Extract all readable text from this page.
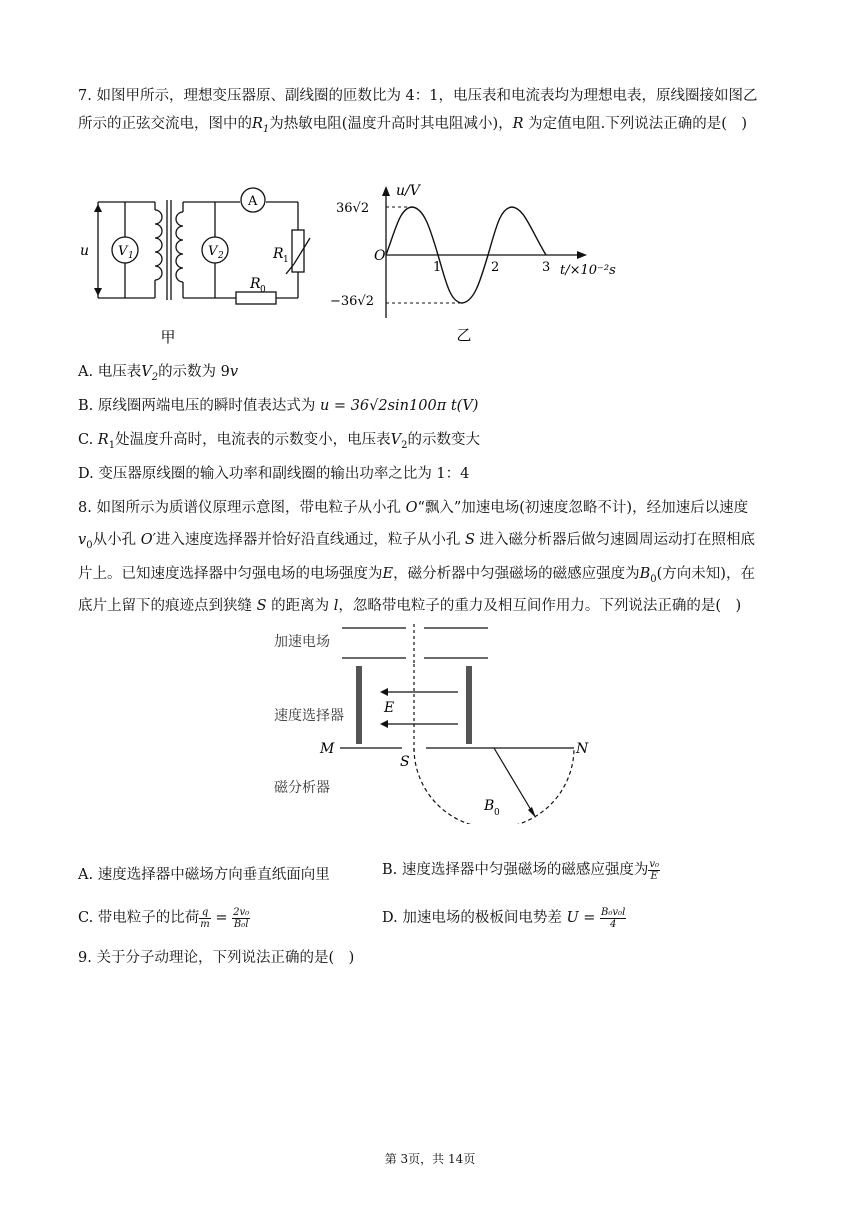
7. 如图甲所示，理想变压器原、副线圈的匝数比为 4：1，电压表和电流表均为理想电表，原线圈接如图乙
所示的正弦交流电，图中的$R_1$为热敏电阻(温度升高时其电阻减小)，R 为定值电阻.下列说法正确的是(　)
u V 1	V 2
A
R 1
R 0
甲
u/V
36√2
−36√2
O
1	2	3 t/×10⁻²s
乙
A. 电压表$V_2$的示数为 9v
B. 原线圈两端电压的瞬时值表达式为 u = 36√2sin100π t(V)
C. $R_1$处温度升高时，电流表的示数变小，电压表$V_2$的示数变大
D. 变压器原线圈的输入功率和副线圈的输出功率之比为 1：4
8. 如图所示为质谱仪原理示意图，带电粒子从小孔 O“飘入”加速电场(初速度忽略不计)，经加速后以速度
$v_0$从小孔 O′进入速度选择器并恰好沿直线通过，粒子从小孔 S 进入磁分析器后做匀速圆周运动打在照相底
片上。已知速度选择器中匀强电场的电场强度为E，磁分析器中匀强磁场的磁感应强度为$B_0$(方向未知)，在
底片上留下的痕迹点到狭缝 S 的距离为 l，忽略带电粒子的重力及相互间作用力。下列说法正确的是(　)
加速电场
速度选择器
磁分析器
E
M
S
N
B 0
A. 速度选择器中磁场方向垂直纸面向里	B. 速度选择器中匀强磁场的磁感应强度为 $\frac{\text{v₀}}{E}$
C. 带电粒子的比荷 $\frac{q}{m} = \frac{\text{2v₀}}{\text{B₀l}}$	D. 加速电场的极板间电势差 $U = \frac{\text{B₀v₀l}}{4}$
9. 关于分子动理论，下列说法正确的是(　)
第 3页，共 14页
